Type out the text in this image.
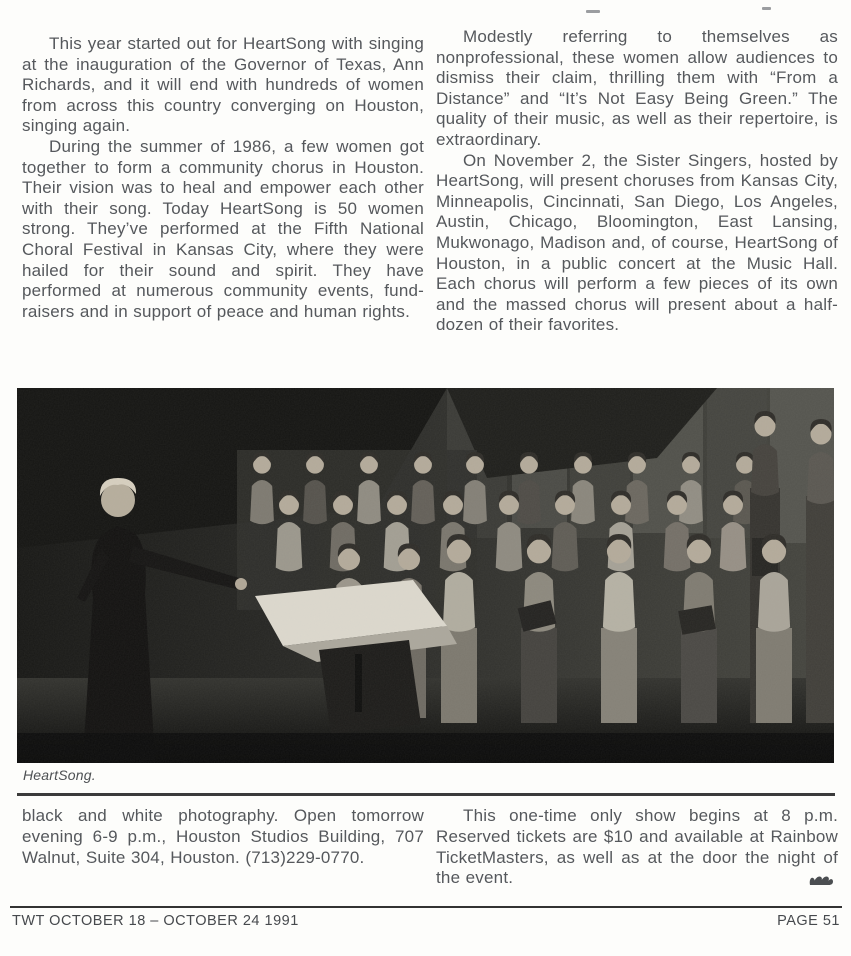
This year started out for HeartSong with singing at the inauguration of the Governor of Texas, Ann Richards, and it will end with hundreds of women from across this country converging on Houston, singing again.

During the summer of 1986, a few women got together to form a community chorus in Houston. Their vision was to heal and empower each other with their song. Today HeartSong is 50 women strong. They’ve performed at the Fifth National Choral Festival in Kansas City, where they were hailed for their sound and spirit. They have performed at numerous community events, fund-raisers and in support of peace and human rights.

Modestly referring to themselves as nonprofessional, these women allow audiences to dismiss their claim, thrilling them with “From a Distance” and “It’s Not Easy Being Green.” The quality of their music, as well as their repertoire, is extraordinary.

On November 2, the Sister Singers, hosted by HeartSong, will present choruses from Kansas City, Minneapolis, Cincinnati, San Diego, Los Angeles, Austin, Chicago, Bloomington, East Lansing, Mukwonago, Madison and, of course, HeartSong of Houston, in a public concert at the Music Hall. Each chorus will perform a few pieces of its own and the massed chorus will present about a half-dozen of their favorites.

HeartSong.

black and white photography. Open tomorrow evening 6-9 p.m., Houston Studios Building, 707 Walnut, Suite 304, Houston. (713)229-0770.

This one-time only show begins at 8 p.m. Reserved tickets are $10 and available at Rainbow TicketMasters, as well as at the door the night of the event.

TWT OCTOBER 18 – OCTOBER 24 1991	PAGE 51
